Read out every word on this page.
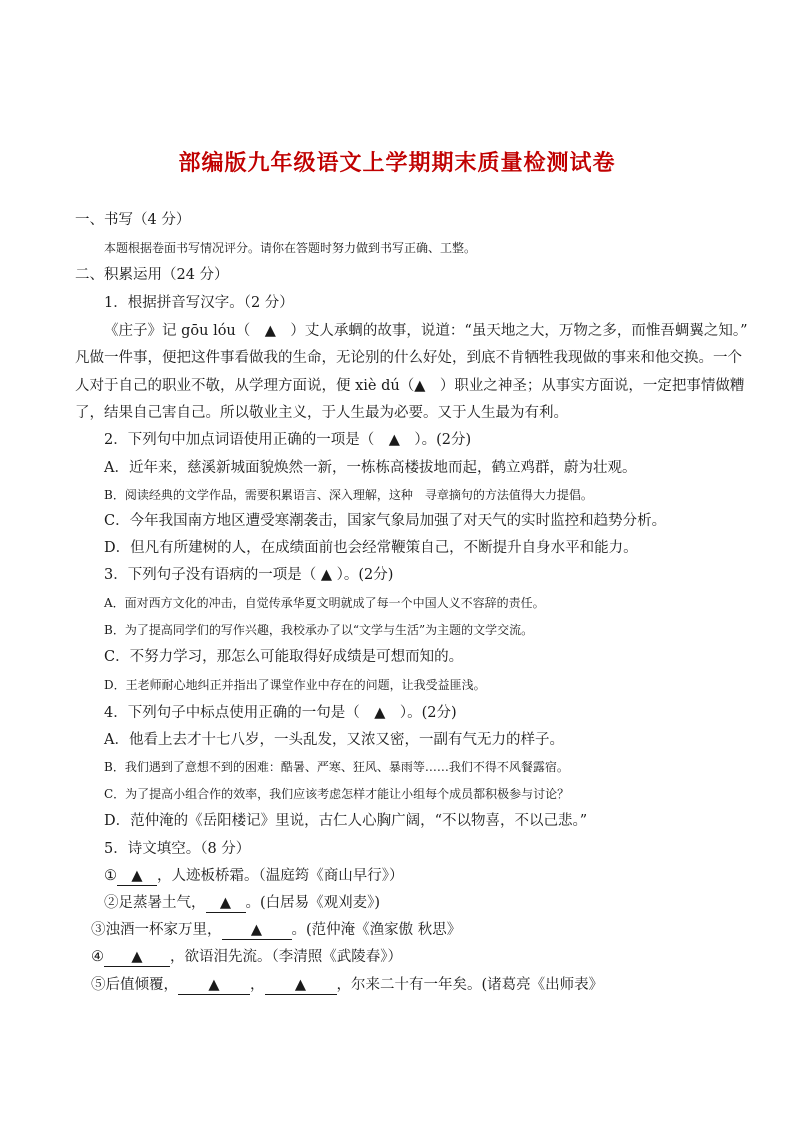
部编版九年级语文上学期期末质量检测试卷
一、书写（4 分）
本题根据卷面书写情况评分。请你在答题时努力做到书写正确、工整。
二、积累运用（24 分）
1．根据拼音写汉字。（2 分）
《庄子》记 gōu lóu（　▲　）丈人承蜩的故事，说道：“虽天地之大，万物之多，而惟吾蜩翼之知。”
凡做一件事，便把这件事看做我的生命，无论别的什么好处，到底不肯牺牲我现做的事来和他交换。一个
人对于自己的职业不敬，从学理方面说，便 xiè dú（▲　）职业之神圣；从事实方面说，一定把事情做糟
了，结果自己害自己。所以敬业主义，于人生最为必要。又于人生最为有利。
2．下列句中加点词语使用正确的一项是（　▲　）。(2分)
A．近年来，慈溪新城面貌焕然一新，一栋栋高楼拔地而起，鹤立鸡群，蔚为壮观。
B．阅读经典的文学作品，需要积累语言、深入理解，这种　寻章摘句的方法值得大力提倡。
C．今年我国南方地区遭受寒潮袭击，国家气象局加强了对天气的实时监控和趋势分析。
D．但凡有所建树的人，在成绩面前也会经常鞭策自己，不断提升自身水平和能力。
3．下列句子没有语病的一项是（ ▲ ）。(2分)
A．面对西方文化的冲击，自觉传承华夏文明就成了每一个中国人义不容辞的责任。
B．为了提高同学们的写作兴趣，我校承办了以“文学与生活”为主题的文学交流。
C．不努力学习，那怎么可能取得好成绩是可想而知的。
D．王老师耐心地纠正并指出了课堂作业中存在的问题，让我受益匪浅。
4．下列句子中标点使用正确的一句是（　▲　）。(2分)
A．他看上去才十七八岁，一头乱发，又浓又密，一副有气无力的样子。
B．我们遇到了意想不到的困难：酷暑、严寒、狂风、暴雨等……我们不得不风餐露宿。
C．为了提高小组合作的效率，我们应该考虑怎样才能让小组每个成员都积极参与讨论？
D．范仲淹的《岳阳楼记》里说，古仁人心胸广阔，“不以物喜，不以己悲。”
5．诗文填空。（8 分）
① ▲ ，人迹板桥霜。（温庭筠《商山早行》）
②足蒸暑土气， ▲ 。(白居易《观刈麦》)
③浊酒一杯家万里， ▲ 。(范仲淹《渔家傲 秋思》
④ ▲ ，欲语泪先流。（李清照《武陵春》）
⑤后值倾覆， ▲ ， ▲ ，尔来二十有一年矣。(诸葛亮《出师表》
